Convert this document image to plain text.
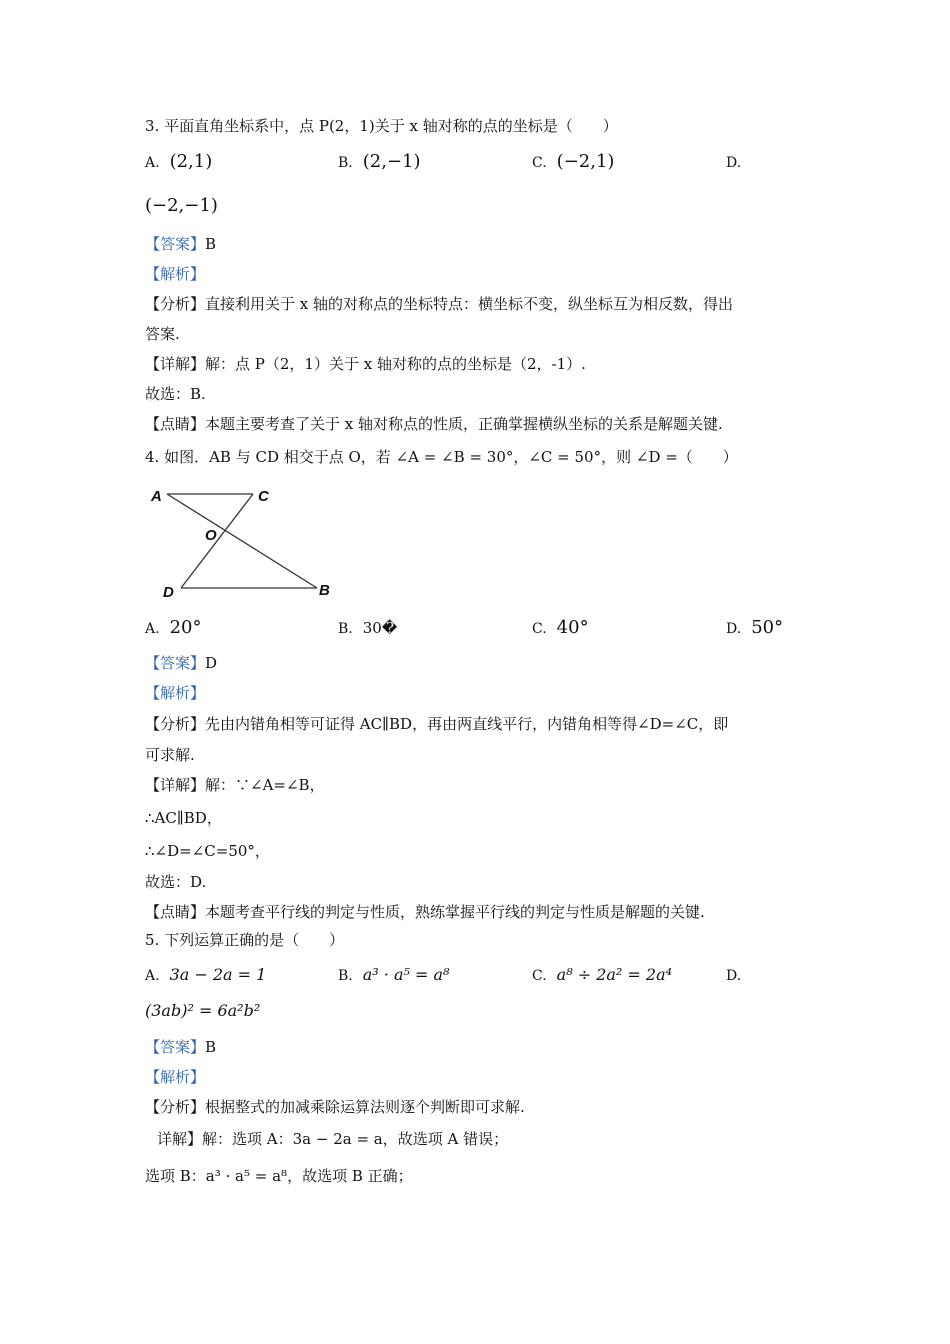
3. 平面直角坐标系中，点 P(2，1)关于 x 轴对称的点的坐标是（　　）
A. (2,1)	B. (2,−1)	C. (−2,1)	D.
(−2,−1)
【答案】B
【解析】
【分析】直接利用关于 x 轴的对称点的坐标特点：横坐标不变，纵坐标互为相反数，得出
答案.
【详解】解：点 P（2，1）关于 x 轴对称的点的坐标是（2，-1）.
故选：B.
【点睛】本题主要考查了关于 x 轴对称点的性质，正确掌握横纵坐标的关系是解题关键.
4. 如图．AB 与 CD 相交于点 O，若 ∠A = ∠B = 30°，∠C = 50°，则 ∠D =（　　）
A	C
O
D	B
A. 20°	B. 30�	C. 40°	D. 50°
【答案】D
【解析】
【分析】先由内错角相等可证得 AC∥BD，再由两直线平行，内错角相等得∠D=∠C，即
可求解.
【详解】解：∵∠A=∠B，
∴AC∥BD，
∴∠D=∠C=50°，
故选：D.
【点睛】本题考查平行线的判定与性质，熟练掌握平行线的判定与性质是解题的关键.
5. 下列运算正确的是（　　）
A. 3a − 2a = 1	B. a³ · a⁵ = a⁸	C. a⁸ ÷ 2a² = 2a⁴	D.
(3ab)² = 6a²b²
【答案】B
【解析】
【分析】根据整式的加减乘除运算法则逐个判断即可求解.
详解】解：选项 A：3a − 2a = a，故选项 A 错误；
选项 B：a³ · a⁵ = a⁸，故选项 B 正确；
